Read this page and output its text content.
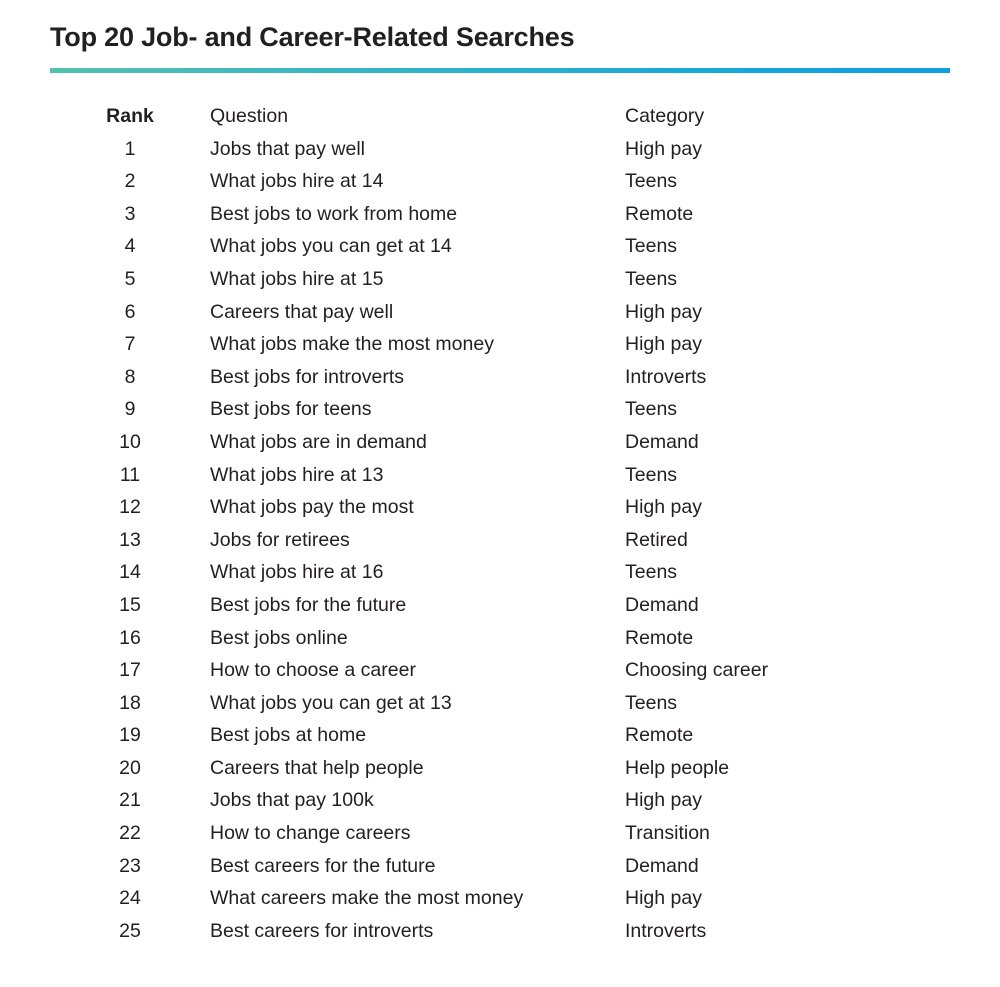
Top 20 Job- and Career-Related Searches
Rank	Question	Category
1	Jobs that pay well	High pay
2	What jobs hire at 14	Teens
3	Best jobs to work from home	Remote
4	What jobs you can get at 14	Teens
5	What jobs hire at 15	Teens
6	Careers that pay well	High pay
7	What jobs make the most money	High pay
8	Best jobs for introverts	Introverts
9	Best jobs for teens	Teens
10	What jobs are in demand	Demand
11	What jobs hire at 13	Teens
12	What jobs pay the most	High pay
13	Jobs for retirees	Retired
14	What jobs hire at 16	Teens
15	Best jobs for the future	Demand
16	Best jobs online	Remote
17	How to choose a career	Choosing career
18	What jobs you can get at 13	Teens
19	Best jobs at home	Remote
20	Careers that help people	Help people
21	Jobs that pay 100k	High pay
22	How to change careers	Transition
23	Best careers for the future	Demand
24	What careers make the most money	High pay
25	Best careers for introverts	Introverts
